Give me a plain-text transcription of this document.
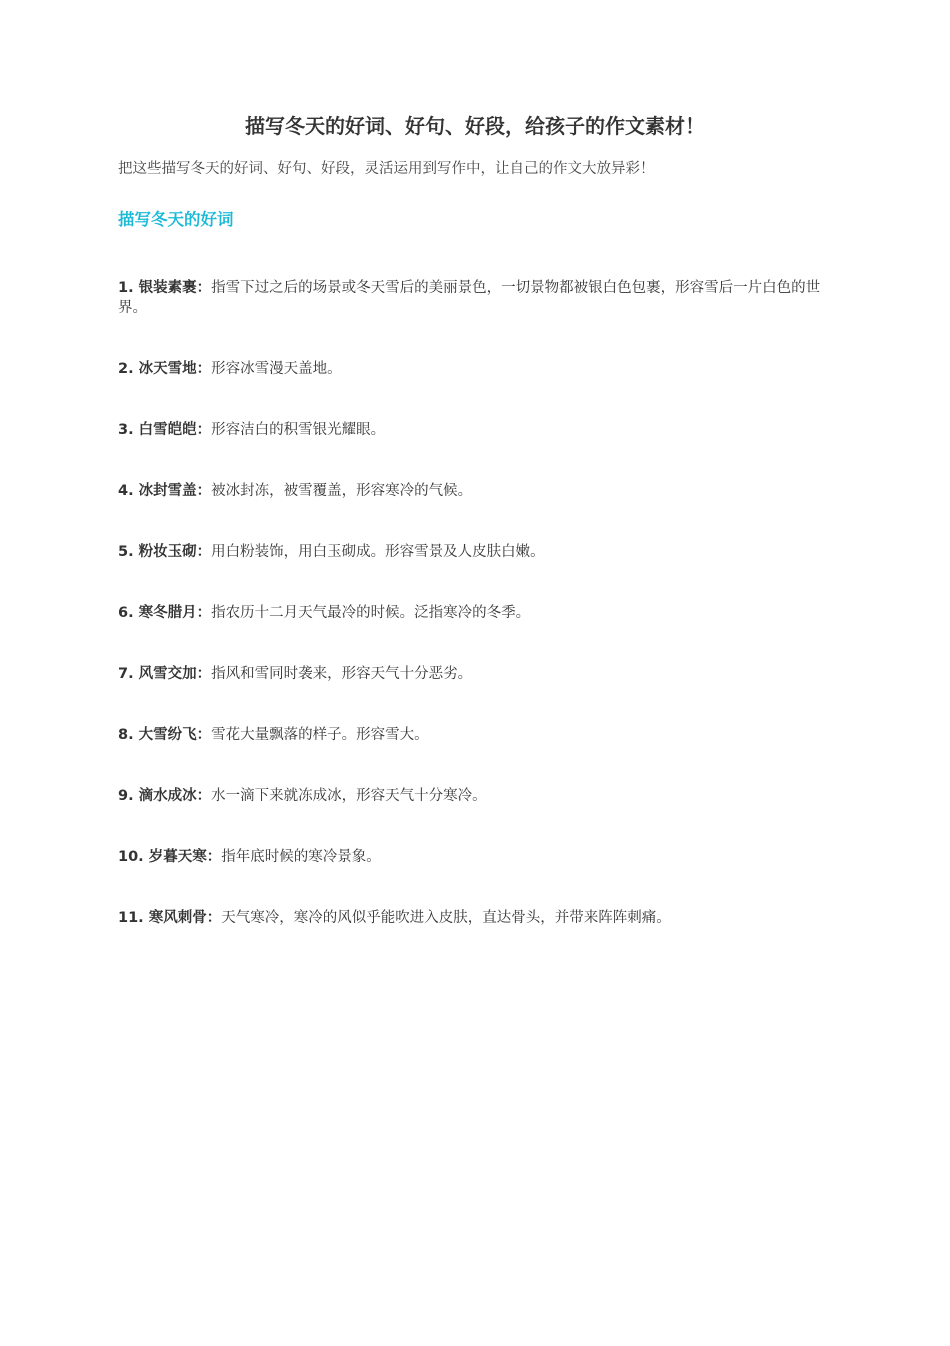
描写冬天的好词、好句、好段，给孩子的作文素材！

把这些描写冬天的好词、好句、好段，灵活运用到写作中，让自己的作文大放异彩！

描写冬天的好词
1. 银装素裹：指雪下过之后的场景或冬天雪后的美丽景色，一切景物都被银白色包裹，形容雪后一片白色的世界。
2. 冰天雪地：形容冰雪漫天盖地。
3. 白雪皑皑：形容洁白的积雪银光耀眼。
4. 冰封雪盖：被冰封冻，被雪覆盖，形容寒冷的气候。
5. 粉妆玉砌：用白粉装饰，用白玉砌成。形容雪景及人皮肤白嫩。
6. 寒冬腊月：指农历十二月天气最冷的时候。泛指寒冷的冬季。
7. 风雪交加：指风和雪同时袭来，形容天气十分恶劣。
8. 大雪纷飞：雪花大量飘落的样子。形容雪大。
9. 滴水成冰：水一滴下来就冻成冰，形容天气十分寒冷。
10. 岁暮天寒：指年底时候的寒冷景象。
11. 寒风刺骨：天气寒冷，寒冷的风似乎能吹进入皮肤，直达骨头，并带来阵阵刺痛。
